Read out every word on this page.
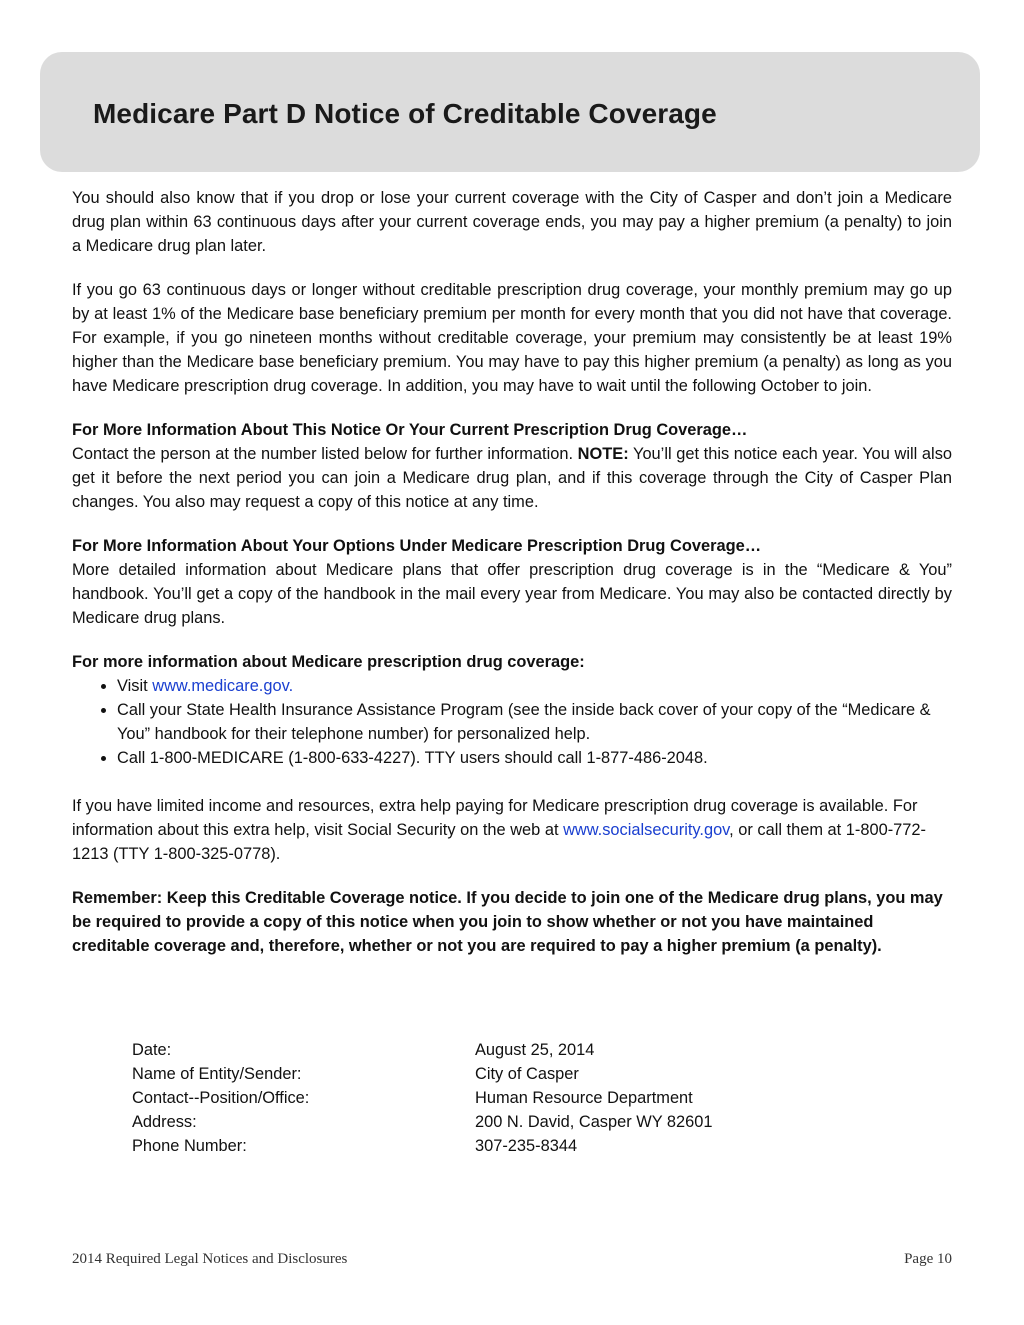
Medicare Part D Notice of Creditable Coverage

You should also know that if you drop or lose your current coverage with the City of Casper and don’t join a Medicare drug plan within 63 continuous days after your current coverage ends, you may pay a higher premium (a penalty) to join a Medicare drug plan later.

If you go 63 continuous days or longer without creditable prescription drug coverage, your monthly premium may go up by at least 1% of the Medicare base beneficiary premium per month for every month that you did not have that coverage. For example, if you go nineteen months without creditable coverage, your premium may consistently be at least 19% higher than the Medicare base beneficiary premium. You may have to pay this higher premium (a penalty) as long as you have Medicare prescription drug coverage. In addition, you may have to wait until the following October to join.

For More Information About This Notice Or Your Current Prescription Drug Coverage…
Contact the person at the number listed below for further information. NOTE: You’ll get this notice each year. You will also get it before the next period you can join a Medicare drug plan, and if this coverage through the City of Casper Plan changes. You also may request a copy of this notice at any time.

For More Information About Your Options Under Medicare Prescription Drug Coverage…
More detailed information about Medicare plans that offer prescription drug coverage is in the “Medicare & You” handbook. You’ll get a copy of the handbook in the mail every year from Medicare. You may also be contacted directly by Medicare drug plans.

For more information about Medicare prescription drug coverage:
• Visit www.medicare.gov.
• Call your State Health Insurance Assistance Program (see the inside back cover of your copy of the “Medicare & You” handbook for their telephone number) for personalized help.
• Call 1-800-MEDICARE (1-800-633-4227). TTY users should call 1-877-486-2048.

If you have limited income and resources, extra help paying for Medicare prescription drug coverage is available. For information about this extra help, visit Social Security on the web at www.socialsecurity.gov, or call them at 1-800-772-1213 (TTY 1-800-325-0778).

Remember: Keep this Creditable Coverage notice. If you decide to join one of the Medicare drug plans, you may be required to provide a copy of this notice when you join to show whether or not you have maintained creditable coverage and, therefore, whether or not you are required to pay a higher premium (a penalty).

Date:	August 25, 2014
Name of Entity/Sender:	City of Casper
Contact--Position/Office:	Human Resource Department
Address:	200 N. David, Casper WY 82601
Phone Number:	307-235-8344
2014 Required Legal Notices and Disclosures	Page 10
